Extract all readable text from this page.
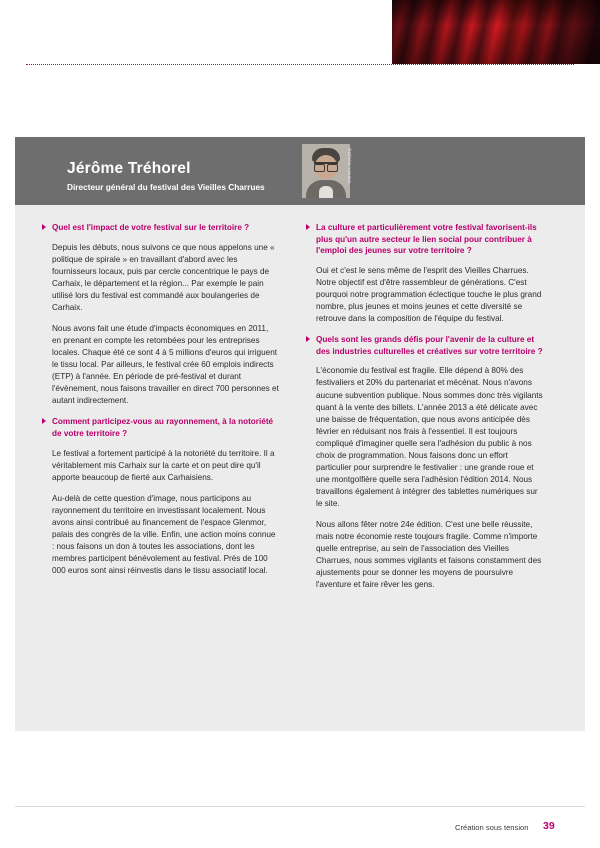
Jérôme Tréhorel
Directeur général du festival des Vieilles Charrues
©Olivier Lavaux
Quel est l'impact de votre festival sur le territoire ?

Depuis les débuts, nous suivons ce que nous appelons une « politique de spirale » en travaillant d'abord avec les fournisseurs locaux, puis par cercle concentrique le pays de Carhaix, le département et la région... Par exemple le pain utilisé lors du festival est commandé aux boulangeries de Carhaix.

Nous avons fait une étude d'impacts économiques en 2011, en prenant en compte les retombées pour les entreprises locales. Chaque été ce sont 4 à 5 millions d'euros qui irriguent le tissu local. Par ailleurs, le festival crée 60 emplois indirects (ETP) à l'année. En période de pré-festival et durant l'évènement, nous faisons travailler en direct 700 personnes et autant indirectement.

Comment participez-vous au rayonnement, à la notoriété de votre territoire ?

Le festival a fortement participé à la notoriété du territoire. Il a véritablement mis Carhaix sur la carte et on peut dire qu'il apporte beaucoup de fierté aux Carhaisiens.

Au-delà de cette question d'image, nous participons au rayonnement du territoire en investissant localement. Nous avons ainsi contribué au financement de l'espace Glenmor, palais des congrès de la ville. Enfin, une action moins connue : nous faisons un don à toutes les associations, dont les membres participent bénévolement au festival. Près de 100 000 euros sont ainsi réinvestis dans le tissu associatif local.

La culture et particulièrement votre festival favorisent-ils plus qu'un autre secteur le lien social pour contribuer à l'emploi des jeunes sur votre territoire ?

Oui et c'est le sens même de l'esprit des Vieilles Charrues. Notre objectif est d'être rassembleur de générations. C'est pourquoi notre programmation éclectique touche le plus grand nombre, plus jeunes et moins jeunes et cette diversité se retrouve dans la composition de l'équipe du festival.

Quels sont les grands défis pour l'avenir de la culture et des industries culturelles et créatives sur votre territoire ?

L'économie du festival est fragile. Elle dépend à 80% des festivaliers et 20% du partenariat et mécénat. Nous n'avons aucune subvention publique. Nous sommes donc très vigilants quant à la vente des billets. L'année 2013 a été délicate avec une baisse de fréquentation, que nous avons anticipée dès février en réduisant nos frais à l'essentiel. Il est toujours compliqué d'imaginer quelle sera l'adhésion du public à nos choix de programmation. Nous faisons donc un effort particulier pour surprendre le festivalier : une grande roue et une montgolfière quelle sera l'adhésion l'édition 2014. Nous travaillons également à intégrer des tablettes numériques sur le site.

Nous allons fêter notre 24e édition. C'est une belle réussite, mais notre économie reste toujours fragile. Comme n'importe quelle entreprise, au sein de l'association des Vieilles Charrues, nous sommes vigilants et faisons constamment des ajustements pour se donner les moyens de poursuivre l'aventure et faire rêver les gens.

Création sous tension 39
